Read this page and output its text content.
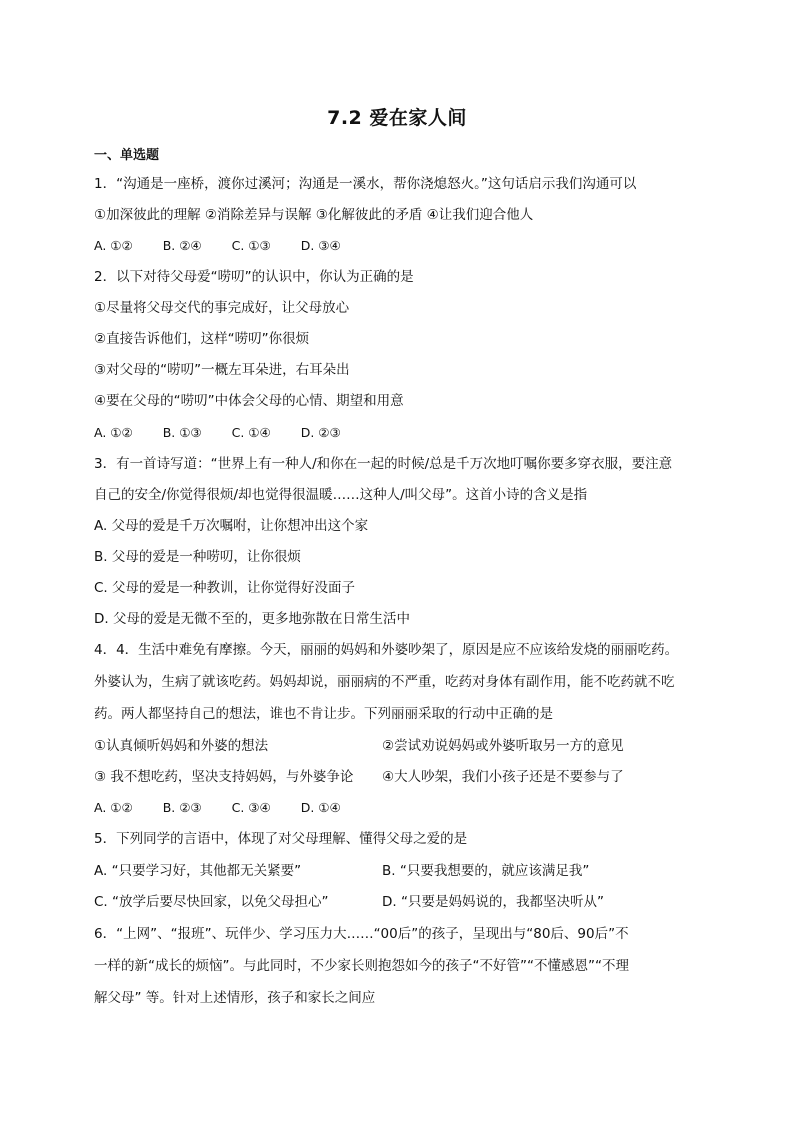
7.2 爱在家人间
一、单选题
1．“沟通是一座桥，渡你过溪河；沟通是一溪水，帮你浇熄怒火。”这句话启示我们沟通可以
①加深彼此的理解 ②消除差异与误解 ③化解彼此的矛盾 ④让我们迎合他人
A. ①② B. ②④ C. ①③ D. ③④
2．以下对待父母爱“唠叨”的认识中，你认为正确的是
①尽量将父母交代的事完成好，让父母放心
②直接告诉他们，这样“唠叨”你很烦
③对父母的“唠叨”一概左耳朵进，右耳朵出
④要在父母的“唠叨”中体会父母的心情、期望和用意
A. ①② B. ①③ C. ①④ D. ②③
3．有一首诗写道：“世界上有一种人/和你在一起的时候/总是千万次地叮嘱你要多穿衣服，要注意
自己的安全/你觉得很烦/却也觉得很温暖……这种人/叫父母”。这首小诗的含义是指
A. 父母的爱是千万次嘱咐，让你想冲出这个家
B. 父母的爱是一种唠叨，让你很烦
C. 父母的爱是一种教训，让你觉得好没面子
D. 父母的爱是无微不至的，更多地弥散在日常生活中
4．4．生活中难免有摩擦。今天，丽丽的妈妈和外婆吵架了，原因是应不应该给发烧的丽丽吃药。
外婆认为，生病了就该吃药。妈妈却说，丽丽病的不严重，吃药对身体有副作用，能不吃药就不吃
药。两人都坚持自己的想法，谁也不肯让步。下列丽丽采取的行动中正确的是
①认真倾听妈妈和外婆的想法	②尝试劝说妈妈或外婆听取另一方的意见
③ 我不想吃药，坚决支持妈妈，与外婆争论 ④大人吵架，我们小孩子还是不要参与了
A. ①② B. ②③ C. ③④ D. ①④
5．下列同学的言语中，体现了对父母理解、懂得父母之爱的是
A. “只要学习好，其他都无关紧要”	B. “只要我想要的，就应该满足我”
C. “放学后要尽快回家，以免父母担心”	D. “只要是妈妈说的，我都坚决听从”
6．“上网”、“报班”、玩伴少、学习压力大……“00后”的孩子，呈现出与“80后、90后”不
一样的新“成长的烦恼”。与此同时，不少家长则抱怨如今的孩子“不好管”“不懂感恩”“不理
解父母” 等。针对上述情形，孩子和家长之间应
